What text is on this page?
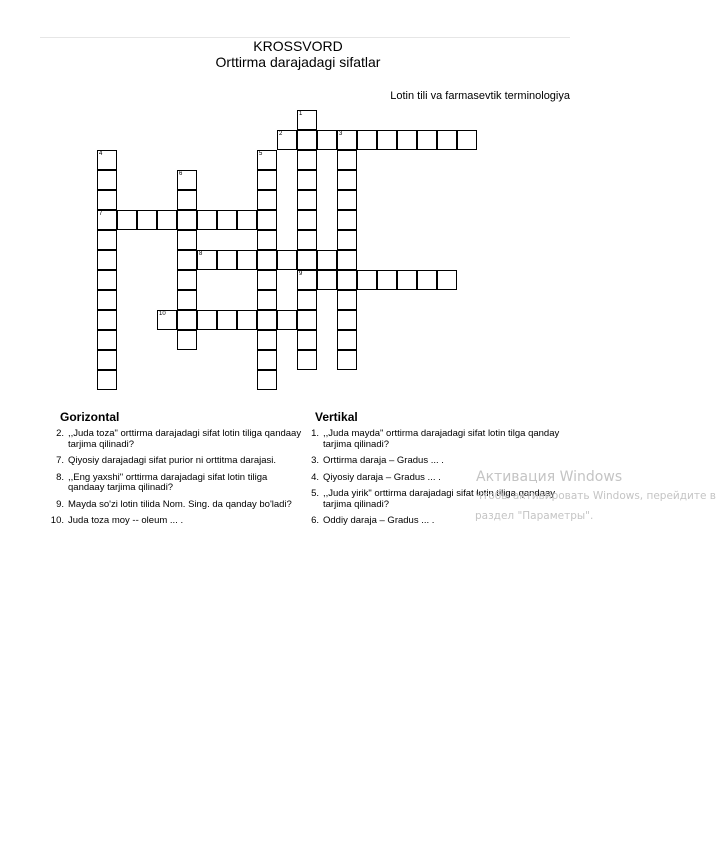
KROSSVORD
Orttirma darajadagi sifatlar
Lotin tili va farmasevtik terminologiya
1
9
2	3
4
7
5
6
8
10
Gorizontal	Vertikal
2. ,,Juda toza" orttirma darajadagi sifat lotin tiliga qandaay tarjima qilinadi?
7. Qiyosiy darajadagi sifat purior ni orttitma darajasi.
8. ,,Eng yaxshi" orttirma darajadagi sifat lotin tiliga qandaay tarjima qilinadi?
9. Mayda so'zi lotin tilida Nom. Sing. da qanday bo'ladi?
10. Juda toza moy -- oleum ... .
1. ,,Juda mayda" orttirma darajadagi sifat lotin tilga qanday tarjima qilinadi?
3. Orttirma daraja – Gradus ... .
4. Qiyosiy daraja – Gradus ... .
5. ,,Juda yirik" orttirma darajadagi sifat lotin tiliga qandaay tarjima qilinadi?
6. Oddiy daraja – Gradus ... .
Активация Windows
Чтобы активировать Windows, перейдите в
раздел "Параметры".
